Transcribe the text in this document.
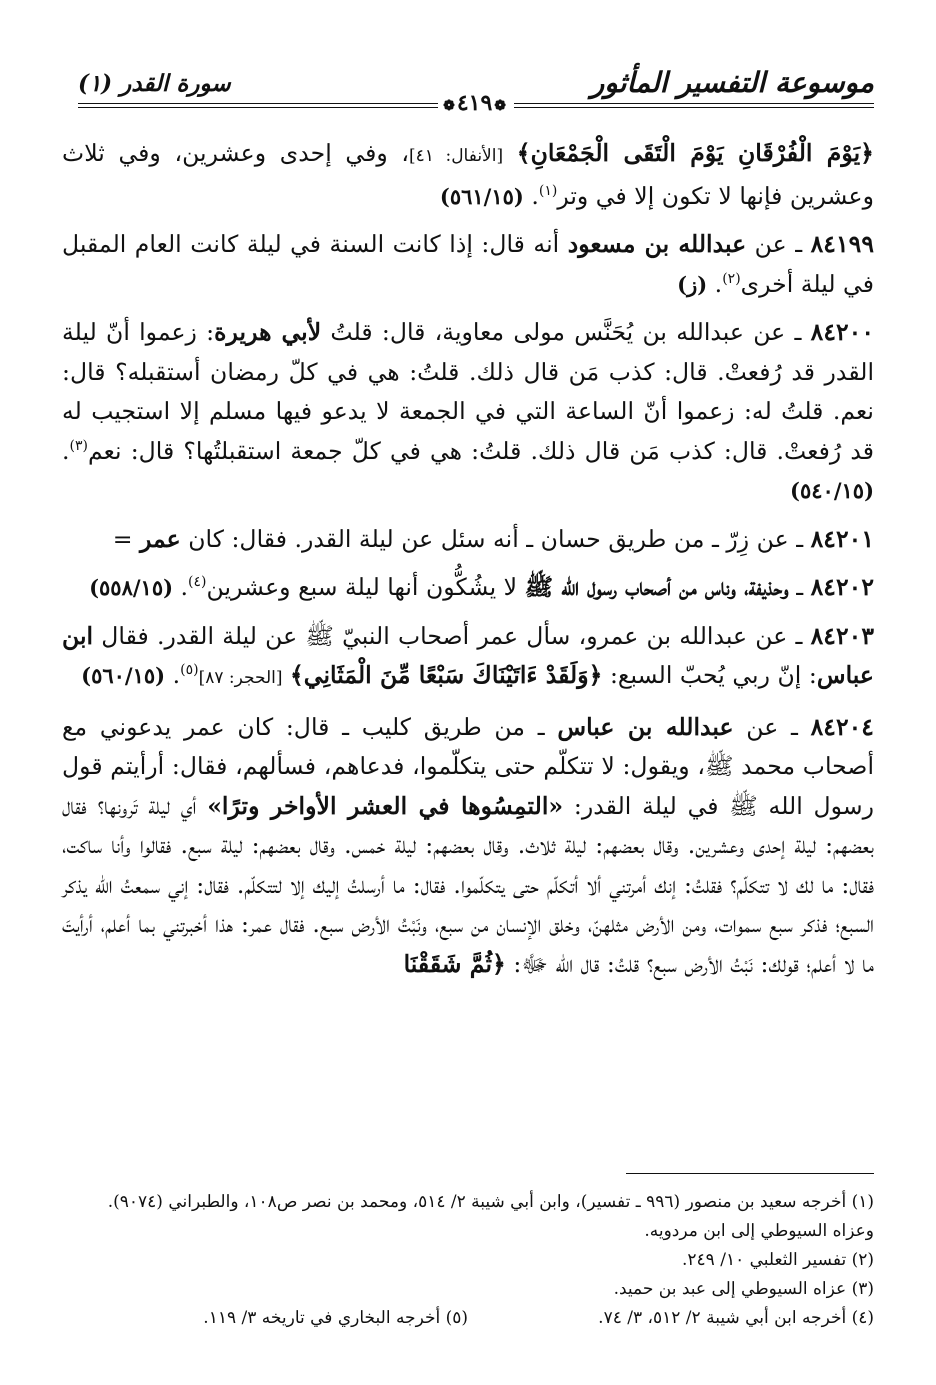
موسوعة التفسير المأثور
سورة القدر (١)
❁٤١٩❁

﴿يَوْمَ الْفُرْقَانِ يَوْمَ الْتَقَى الْجَمْعَانِ﴾ [الأنفال: ٤١]، وفي إحدى وعشرين، وفي ثلاث وعشرين فإنها لا تكون إلا في وتر$^{(١)}$. (٥٦١/١٥)

٨٤١٩٩ ـ عن عبدالله بن مسعود أنه قال: إذا كانت السنة في ليلة كانت العام المقبل في ليلة أخرى$^{(٢)}$. (ز)

٨٤٢٠٠ ـ عن عبدالله بن يُحَنَّس مولى معاوية، قال: قلتُ لأبي هريرة: زعموا أنّ ليلة القدر قد رُفعتْ. قال: كذب مَن قال ذلك. قلتُ: هي في كلّ رمضان أستقبله؟ قال: نعم. قلتُ له: زعموا أنّ الساعة التي في الجمعة لا يدعو فيها مسلم إلا استجيب له قد رُفعتْ. قال: كذب مَن قال ذلك. قلتُ: هي في كلّ جمعة استقبلتُها؟ قال: نعم$^{(٣)}$. (٥٤٠/١٥)

٨٤٢٠١ ـ عن زِرّ ـ من طريق حسان ـ أنه سئل عن ليلة القدر. فقال: كان عمر =

٨٤٢٠٢ ـ وحذيفة، وناس من أصحاب رسول الله ﷺ لا يشُكُّون أنها ليلة سبع وعشرين$^{(٤)}$. (٥٥٨/١٥)

٨٤٢٠٣ ـ عن عبدالله بن عمرو، سأل عمر أصحاب النبيّ ﷺ عن ليلة القدر. فقال ابن عباس: إنّ ربي يُحبّ السبع: ﴿وَلَقَدْ ءَاتَيْنَاكَ سَبْعًا مِّنَ الْمَثَانِي﴾ [الحجر: ٨٧]$^{(٥)}$. (٥٦٠/١٥)

٨٤٢٠٤ ـ عن عبدالله بن عباس ـ من طريق كليب ـ قال: كان عمر يدعوني مع أصحاب محمد ﷺ، ويقول: لا تتكلّم حتى يتكلّموا، فدعاهم، فسألهم، فقال: أرأيتم قول رسول الله ﷺ في ليلة القدر: «التمِسُوها في العشر الأواخر وترًا» أي ليلة تَرونها؟ فقال بعضهم: ليلة إحدى وعشرين. وقال بعضهم: ليلة ثلاث. وقال بعضهم: ليلة خمس. وقال بعضهم: ليلة سبع. فقالوا وأنا ساكت، فقال: ما لك لا تتكلّم؟ فقلتُ: إنك أمرتني ألا أتكلّم حتى يتكلّموا. فقال: ما أرسلتُ إليك إلا لتتكلّم. فقال: إني سمعتُ الله يذكر السبع؛ فذكر سبع سموات، ومن الأرض مثلهنّ، وخلق الإنسان من سبع، ونَبْتُ الأرض سبع. فقال عمر: هذا أخبرتني بما أعلم، أرأيتَ ما لا أعلم؛ قولك: نَبْتُ الأرض سبع؟ قلتُ: قال الله ﷻ: ﴿ثُمَّ شَقَقْنَا

(١) أخرجه سعيد بن منصور (٩٩٦ ـ تفسير)، وابن أبي شيبة ٢/ ٥١٤، ومحمد بن نصر ص١٠٨، والطبراني (٩٠٧٤). وعزاه السيوطي إلى ابن مردويه.
(٢) تفسير الثعلبي ١٠/ ٢٤٩.
(٣) عزاه السيوطي إلى عبد بن حميد.
(٤) أخرجه ابن أبي شيبة ٢/ ٥١٢، ٣/ ٧٤.
(٥) أخرجه البخاري في تاريخه ٣/ ١١٩.
